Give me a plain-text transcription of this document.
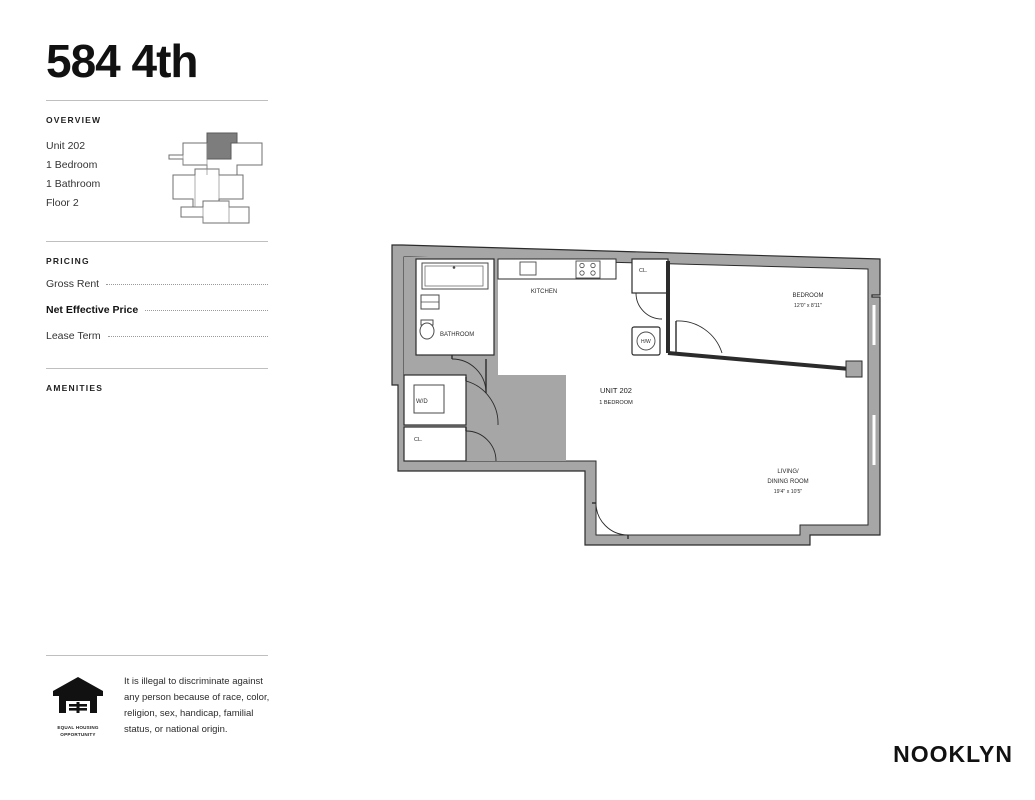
584 4th
OVERVIEW
Unit 202
1 Bedroom
1 Bathroom
Floor 2
PRICING
Gross Rent
Net Effective Price
Lease Term
AMENITIES
EQUAL HOUSING
OPPORTUNITY
It is illegal to discriminate against any person because of race, color, religion, sex, handicap, familial status, or national origin.
NOOKLYN
BATHROOM
KITCHEN
CL.
BEDROOM
12'0" x 8'11"
H/W
W/D
CL.
UNIT 202
1 BEDROOM
LIVING/
DINING ROOM
19'4" x 10'5"
